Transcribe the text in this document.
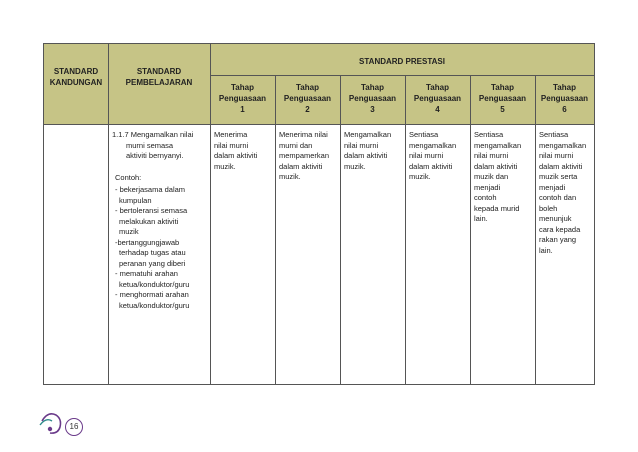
STANDARD
KANDUNGAN
STANDARD
PEMBELAJARAN
STANDARD PRESTASI
Tahap
Penguasaan
1
Tahap
Penguasaan
2
Tahap
Penguasaan
3
Tahap
Penguasaan
4
Tahap
Penguasaan
5
Tahap
Penguasaan
6
1.1.7 Mengamalkan nilai
murni semasa
aktiviti bernyanyi.
Contoh:
- bekerjasama dalam
kumpulan
- bertoleransi semasa
melakukan aktiviti
muzik
-bertanggungjawab
terhadap tugas atau
peranan yang diberi
- mematuhi arahan
ketua/konduktor/guru
- menghormati arahan
ketua/konduktor/guru
Menerima
nilai murni
dalam aktiviti
muzik.
Menerima nilai
murni dan
mempamerkan
dalam aktiviti
muzik.
Mengamalkan
nilai murni
dalam aktiviti
muzik.
Sentiasa
mengamalkan
nilai murni
dalam aktiviti
muzik.
Sentiasa
mengamalkan
nilai murni
dalam aktiviti
muzik dan
menjadi
contoh
kepada murid
lain.
Sentiasa
mengamalkan
nilai murni
dalam aktiviti
muzik serta
menjadi
contoh dan
boleh
menunjuk
cara kepada
rakan yang
lain.
16
